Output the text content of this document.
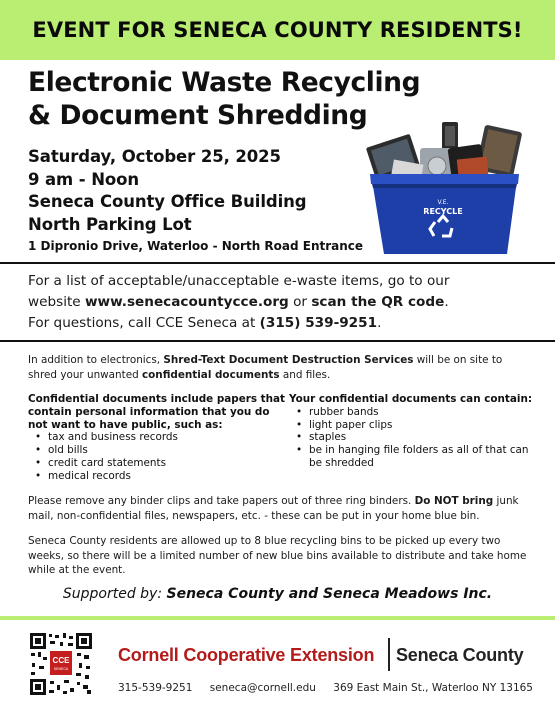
EVENT FOR SENECA COUNTY RESIDENTS!
Electronic Waste Recycling
& Document Shredding
Saturday, October 25, 2025
9 am - Noon
Seneca County Office Building
North Parking Lot
1 Dipronio Drive, Waterloo - North Road Entrance
V.E.
RECYCLE
For a list of acceptable/unacceptable e-waste items, go to our
website www.senecacountycce.org or scan the QR code.
For questions, call CCE Seneca at (315) 539-9251.
In addition to electronics, Shred-Text Document Destruction Services will be on site to shred your unwanted confidential documents and files.
Confidential documents include papers that contain personal information that you do not want to have public, such as:
• tax and business records
• old bills
• credit card statements
• medical records
Your confidential documents can contain:
• rubber bands
• light paper clips
• staples
• be in hanging file folders as all of that can be shredded
Please remove any binder clips and take papers out of three ring binders. Do NOT bring junk mail, non-confidential files, newspapers, etc. - these can be put in your home blue bin.
Seneca County residents are allowed up to 8 blue recycling bins to be picked up every two weeks, so there will be a limited number of new blue bins available to distribute and take home while at the event.
Supported by: Seneca County and Seneca Meadows Inc.
CCE
SENECA
Cornell Cooperative Extension Seneca County
315-539-9251 seneca@cornell.edu 369 East Main St., Waterloo NY 13165
